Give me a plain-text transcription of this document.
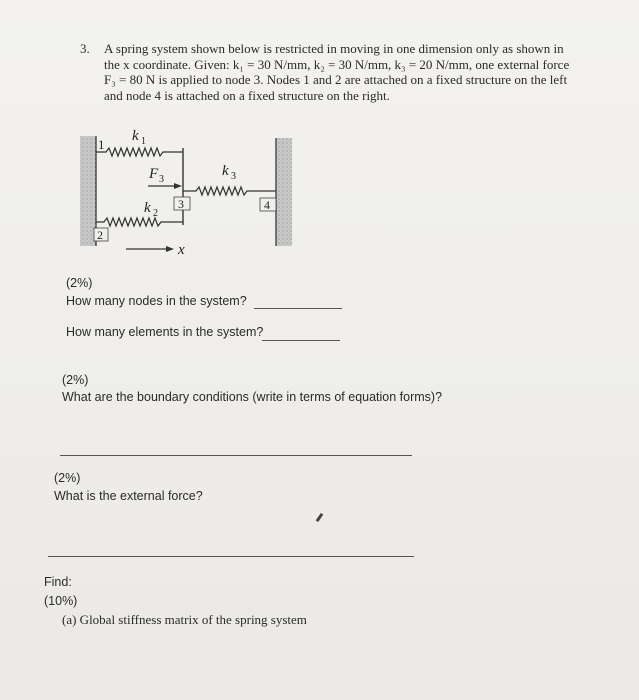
3. A spring system shown below is restricted in moving in one dimension only as shown in
the x coordinate. Given: k₁ = 30 N/mm, k₂ = 30 N/mm, k₃ = 20 N/mm, one external force
F₃ = 80 N is applied to node 3. Nodes 1 and 2 are attached on a fixed structure on the left
and node 4 is attached on a fixed structure on the right.
1
k 1
F 3
k 3
3	4
k 2
2
x
(2%)
How many nodes in the system?
How many elements in the system?
(2%)
What are the boundary conditions (write in terms of equation forms)?
(2%)
What is the external force?
Find:
(10%)
(a) Global stiffness matrix of the spring system
